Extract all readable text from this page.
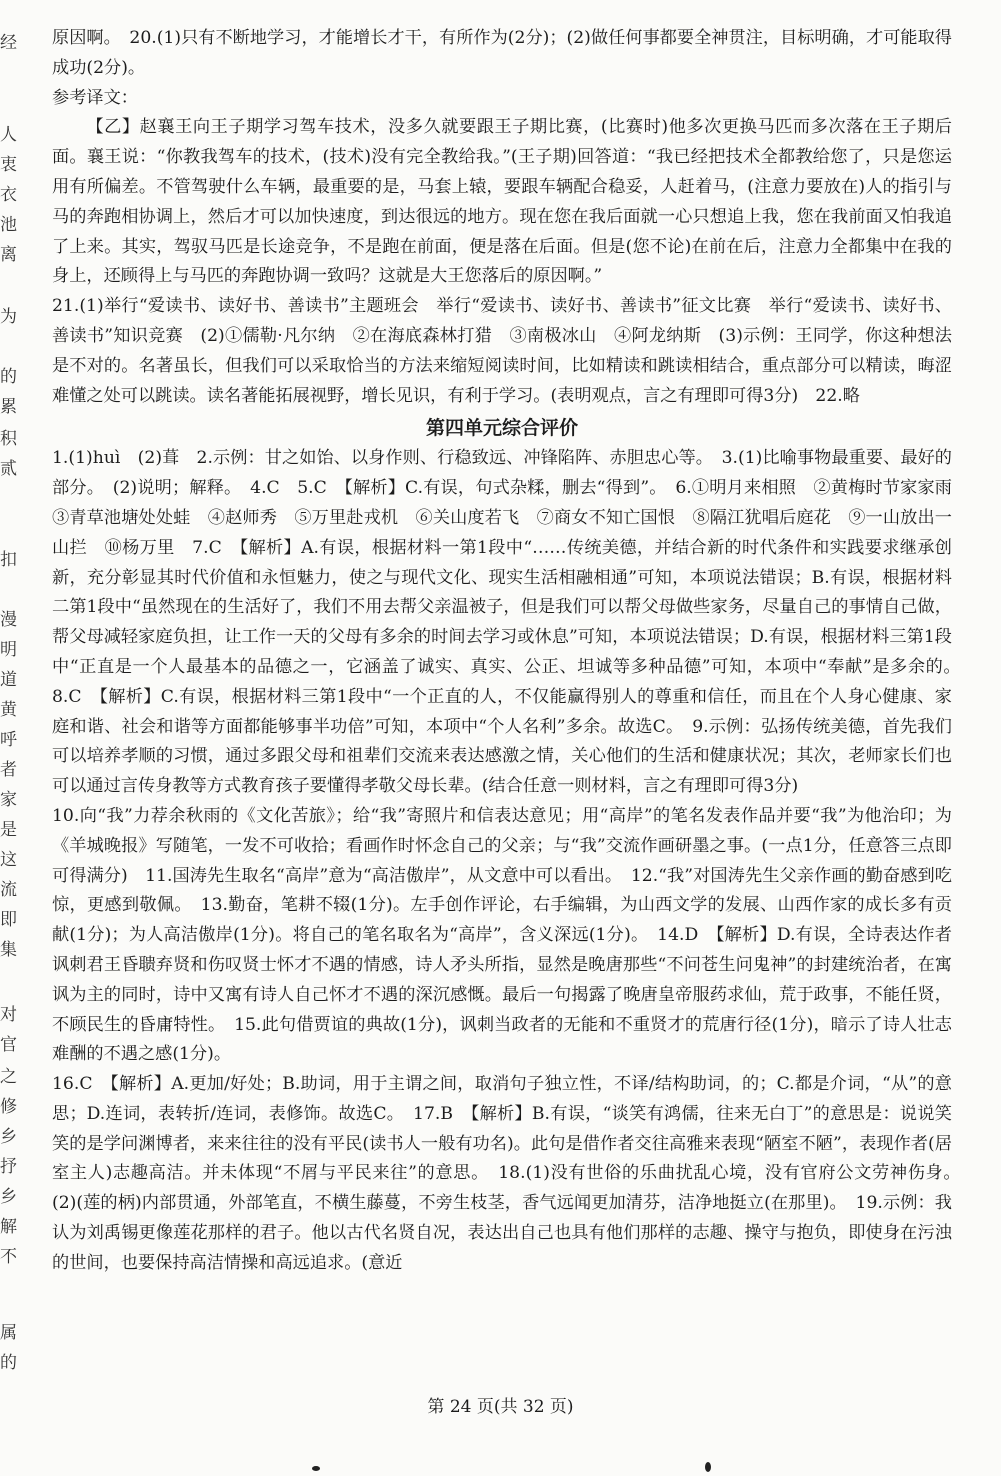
经
人
衷
衣
池
离
为
的
累
积
贰
扣
漫
明
道
黄
呼
者
家
是
这
流
即
集
对
官
之
修
乡
抒
乡
解
不
属
的

原因啊。　20.(1)只有不断地学习，才能增长才干，有所作为(2分)；(2)做任何事都要全神贯注，目标明确，才可能取得成功(2分)。

参考译文：

【乙】赵襄王向王子期学习驾车技术，没多久就要跟王子期比赛，(比赛时)他多次更换马匹而多次落在王子期后面。襄王说：“你教我驾车的技术，(技术)没有完全教给我。”(王子期)回答道：“我已经把技术全都教给您了，只是您运用有所偏差。不管驾驶什么车辆，最重要的是，马套上辕，要跟车辆配合稳妥，人赶着马，(注意力要放在)人的指引与马的奔跑相协调上，然后才可以加快速度，到达很远的地方。现在您在我后面就一心只想追上我，您在我前面又怕我追了上来。其实，驾驭马匹是长途竞争，不是跑在前面，便是落在后面。但是(您不论)在前在后，注意力全都集中在我的身上，还顾得上与马匹的奔跑协调一致吗？这就是大王您落后的原因啊。”

21.(1)举行“爱读书、读好书、善读书”主题班会　举行“爱读书、读好书、善读书”征文比赛　举行“爱读书、读好书、善读书”知识竞赛　(2)①儒勒·凡尔纳　②在海底森林打猎　③南极冰山　④阿龙纳斯　(3)示例：王同学，你这种想法是不对的。名著虽长，但我们可以采取恰当的方法来缩短阅读时间，比如精读和跳读相结合，重点部分可以精读，晦涩难懂之处可以跳读。读名著能拓展视野，增长见识，有利于学习。(表明观点，言之有理即可得3分)　22.略

第四单元综合评价

1.(1)huì　(2)葺　2.示例：甘之如饴、以身作则、行稳致远、冲锋陷阵、赤胆忠心等。　3.(1)比喻事物最重要、最好的部分。　(2)说明；解释。　4.C　5.C　【解析】C.有误，句式杂糅，删去“得到”。　6.①明月来相照　②黄梅时节家家雨　③青草池塘处处蛙　④赵师秀　⑤万里赴戎机　⑥关山度若飞　⑦商女不知亡国恨　⑧隔江犹唱后庭花　⑨一山放出一山拦　⑩杨万里　7.C　【解析】A.有误，根据材料一第1段中“……传统美德，并结合新的时代条件和实践要求继承创新，充分彰显其时代价值和永恒魅力，使之与现代文化、现实生活相融相通”可知，本项说法错误；B.有误，根据材料二第1段中“虽然现在的生活好了，我们不用去帮父亲温被子，但是我们可以帮父母做些家务，尽量自己的事情自己做，帮父母减轻家庭负担，让工作一天的父母有多余的时间去学习或休息”可知，本项说法错误；D.有误，根据材料三第1段中“正直是一个人最基本的品德之一，它涵盖了诚实、真实、公正、坦诚等多种品德”可知，本项中“奉献”是多余的。　8.C　【解析】C.有误，根据材料三第1段中“一个正直的人，不仅能赢得别人的尊重和信任，而且在个人身心健康、家庭和谐、社会和谐等方面都能够事半功倍”可知，本项中“个人名利”多余。故选C。　9.示例：弘扬传统美德，首先我们可以培养孝顺的习惯，通过多跟父母和祖辈们交流来表达感激之情，关心他们的生活和健康状况；其次，老师家长们也可以通过言传身教等方式教育孩子要懂得孝敬父母长辈。(结合任意一则材料，言之有理即可得3分)

10.向“我”力荐余秋雨的《文化苦旅》；给“我”寄照片和信表达意见；用“高岸”的笔名发表作品并要“我”为他治印；为《羊城晚报》写随笔，一发不可收拾；看画作时怀念自己的父亲；与“我”交流作画研墨之事。(一点1分，任意答三点即可得满分)　11.国涛先生取名“高岸”意为“高洁傲岸”，从文意中可以看出。　12.“我”对国涛先生父亲作画的勤奋感到吃惊，更感到敬佩。　13.勤奋，笔耕不辍(1分)。左手创作评论，右手编辑，为山西文学的发展、山西作家的成长多有贡献(1分)；为人高洁傲岸(1分)。将自己的笔名取名为“高岸”，含义深远(1分)。　14.D　【解析】D.有误，全诗表达作者讽刺君王昏聩弃贤和伤叹贤士怀才不遇的情感，诗人矛头所指，显然是晚唐那些“不问苍生问鬼神”的封建统治者，在寓讽为主的同时，诗中又寓有诗人自己怀才不遇的深沉感慨。最后一句揭露了晚唐皇帝服药求仙，荒于政事，不能任贤，不顾民生的昏庸特性。　15.此句借贾谊的典故(1分)，讽刺当政者的无能和不重贤才的荒唐行径(1分)，暗示了诗人壮志难酬的不遇之感(1分)。

16.C　【解析】A.更加/好处；B.助词，用于主谓之间，取消句子独立性，不译/结构助词，的；C.都是介词，“从”的意思；D.连词，表转折/连词，表修饰。故选C。　17.B　【解析】B.有误，“谈笑有鸿儒，往来无白丁”的意思是：说说笑笑的是学问渊博者，来来往往的没有平民(读书人一般有功名)。此句是借作者交往高雅来表现“陋室不陋”，表现作者(居室主人)志趣高洁。并未体现“不屑与平民来往”的意思。　18.(1)没有世俗的乐曲扰乱心境，没有官府公文劳神伤身。　(2)(莲的柄)内部贯通，外部笔直，不横生藤蔓，不旁生枝茎，香气远闻更加清芬，洁净地挺立(在那里)。　19.示例：我认为刘禹锡更像莲花那样的君子。他以古代名贤自况，表达出自己也具有他们那样的志趣、操守与抱负，即使身在污浊的世间，也要保持高洁情操和高远追求。(意近

第 24 页(共 32 页)
